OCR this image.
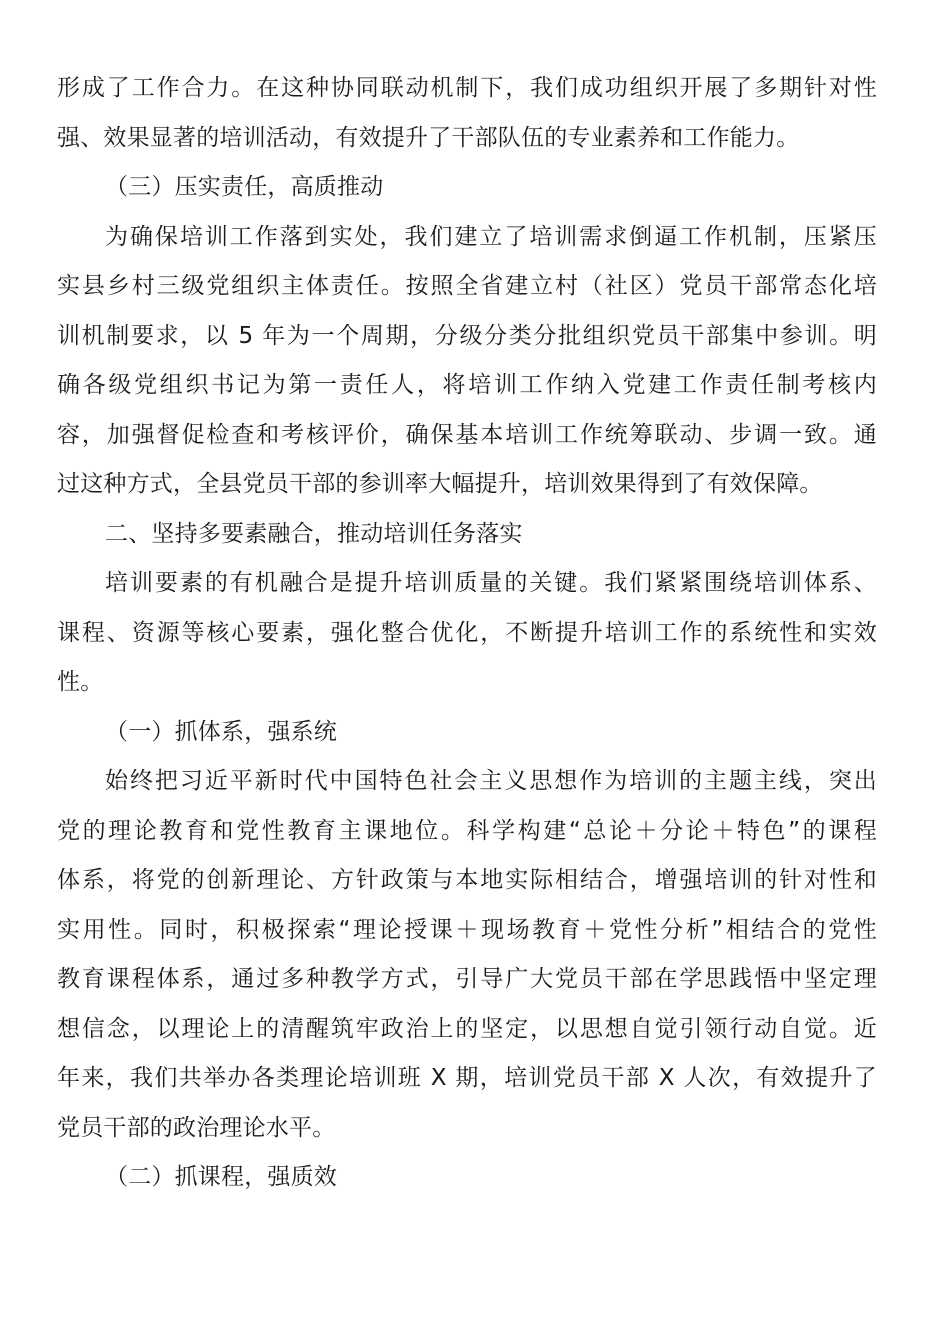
形成了工作合力。在这种协同联动机制下，我们成功组织开展了多期针对性
强、效果显著的培训活动，有效提升了干部队伍的专业素养和工作能力。
（三）压实责任，高质推动
为确保培训工作落到实处，我们建立了培训需求倒逼工作机制，压紧压
实县乡村三级党组织主体责任。按照全省建立村（社区）党员干部常态化培
训机制要求，以 5 年为一个周期，分级分类分批组织党员干部集中参训。明
确各级党组织书记为第一责任人，将培训工作纳入党建工作责任制考核内
容，加强督促检查和考核评价，确保基本培训工作统筹联动、步调一致。通
过这种方式，全县党员干部的参训率大幅提升，培训效果得到了有效保障。
二、坚持多要素融合，推动培训任务落实
培训要素的有机融合是提升培训质量的关键。我们紧紧围绕培训体系、
课程、资源等核心要素，强化整合优化，不断提升培训工作的系统性和实效
性。
（一）抓体系，强系统
始终把习近平新时代中国特色社会主义思想作为培训的主题主线，突出
党的理论教育和党性教育主课地位。科学构建“总论＋分论＋特色”的课程
体系，将党的创新理论、方针政策与本地实际相结合，增强培训的针对性和
实用性。同时，积极探索“理论授课＋现场教育＋党性分析”相结合的党性
教育课程体系，通过多种教学方式，引导广大党员干部在学思践悟中坚定理
想信念，以理论上的清醒筑牢政治上的坚定，以思想自觉引领行动自觉。近
年来，我们共举办各类理论培训班 X 期，培训党员干部 X 人次，有效提升了
党员干部的政治理论水平。
（二）抓课程，强质效
